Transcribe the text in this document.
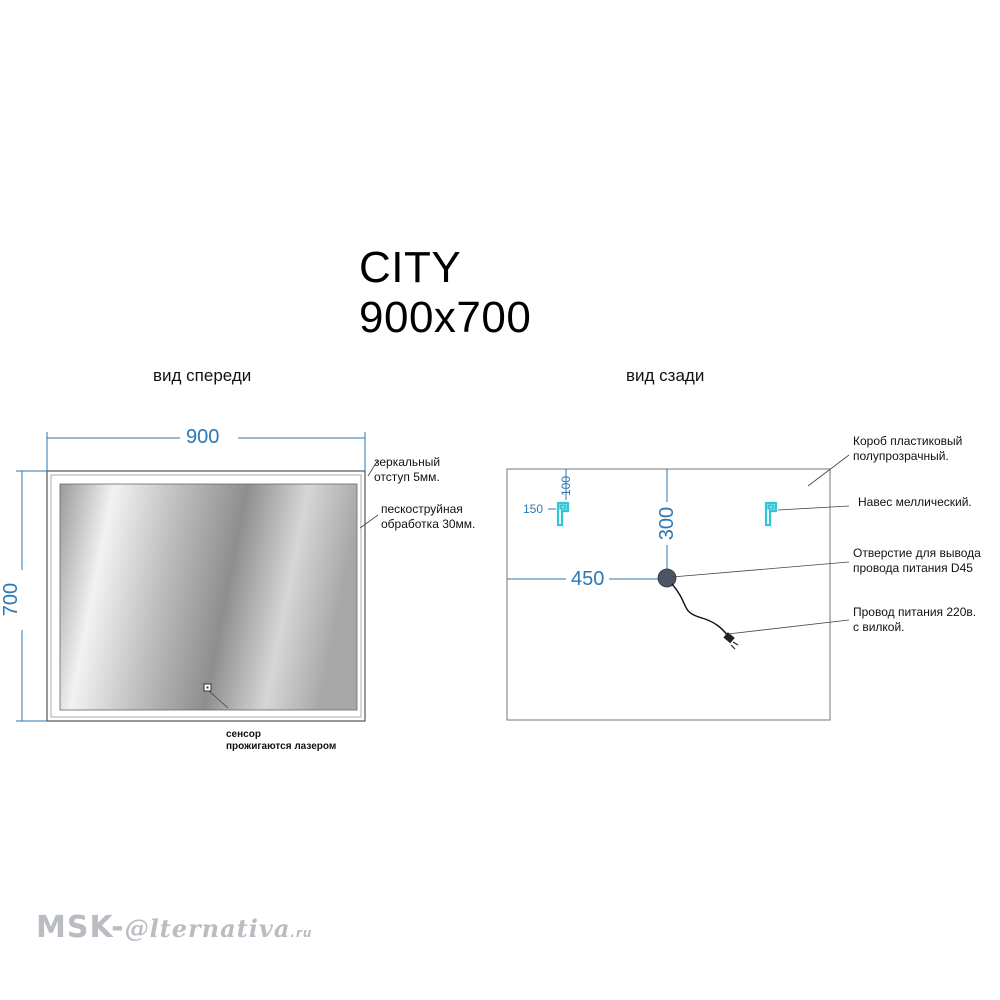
CITY
900x700
вид спереди	вид сзади
900
700
зеркальный
отступ 5мм.
пескоструйная
обработка 30мм.
сенсор
прожигаются лазером
150
100
300
450
Короб пластиковый
полупрозрачный.
Навес меллический.
Отверстие для вывода
провода питания D45
Провод питания 220в.
с вилкой.
MSK-@lternativa.ru
